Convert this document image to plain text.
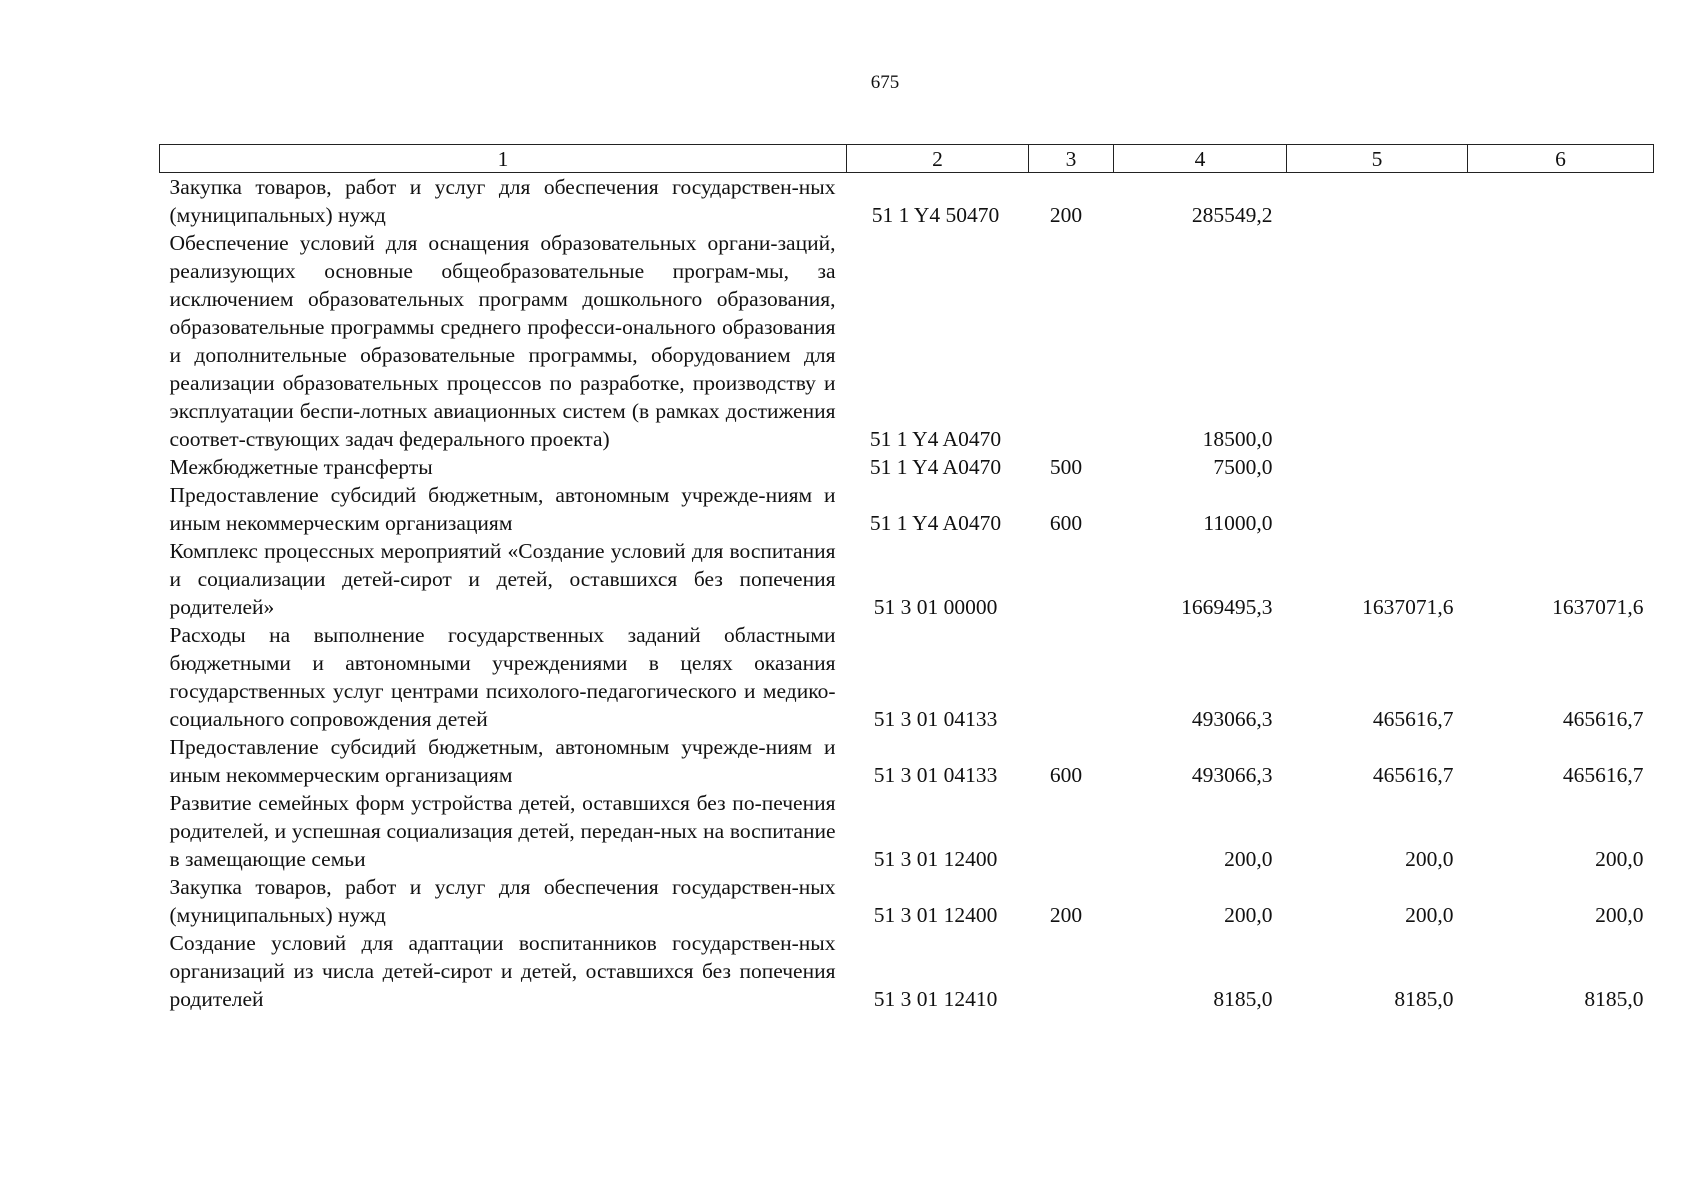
675
1	2	3	4	5	6
Закупка товаров, работ и услуг для обеспечения государствен-ных (муниципальных) нужд	51 1 Y4 50470	200	285549,2		
Обеспечение условий для оснащения образовательных органи-заций, реализующих основные общеобразовательные програм-мы, за исключением образовательных программ дошкольного образования, образовательные программы среднего професси-онального образования и дополнительные образовательные программы, оборудованием для реализации образовательных процессов по разработке, производству и эксплуатации беспи-лотных авиационных систем (в рамках достижения соответ-ствующих задач федерального проекта)	51 1 Y4 A0470		18500,0		
Межбюджетные трансферты	51 1 Y4 A0470	500	7500,0		
Предоставление субсидий бюджетным, автономным учрежде-ниям и иным некоммерческим организациям	51 1 Y4 A0470	600	11000,0		
Комплекс процессных мероприятий «Создание условий для воспитания и социализации детей-сирот и детей, оставшихся без попечения родителей»	51 3 01 00000		1669495,3	1637071,6	1637071,6
Расходы на выполнение государственных заданий областными бюджетными и автономными учреждениями в целях оказания государственных услуг центрами психолого-педагогического и медико-социального сопровождения детей	51 3 01 04133		493066,3	465616,7	465616,7
Предоставление субсидий бюджетным, автономным учрежде-ниям и иным некоммерческим организациям	51 3 01 04133	600	493066,3	465616,7	465616,7
Развитие семейных форм устройства детей, оставшихся без по-печения родителей, и успешная социализация детей, передан-ных на воспитание в замещающие семьи	51 3 01 12400		200,0	200,0	200,0
Закупка товаров, работ и услуг для обеспечения государствен-ных (муниципальных) нужд	51 3 01 12400	200	200,0	200,0	200,0
Создание условий для адаптации воспитанников государствен-ных организаций из числа детей-сирот и детей, оставшихся без попечения родителей	51 3 01 12410		8185,0	8185,0	8185,0
